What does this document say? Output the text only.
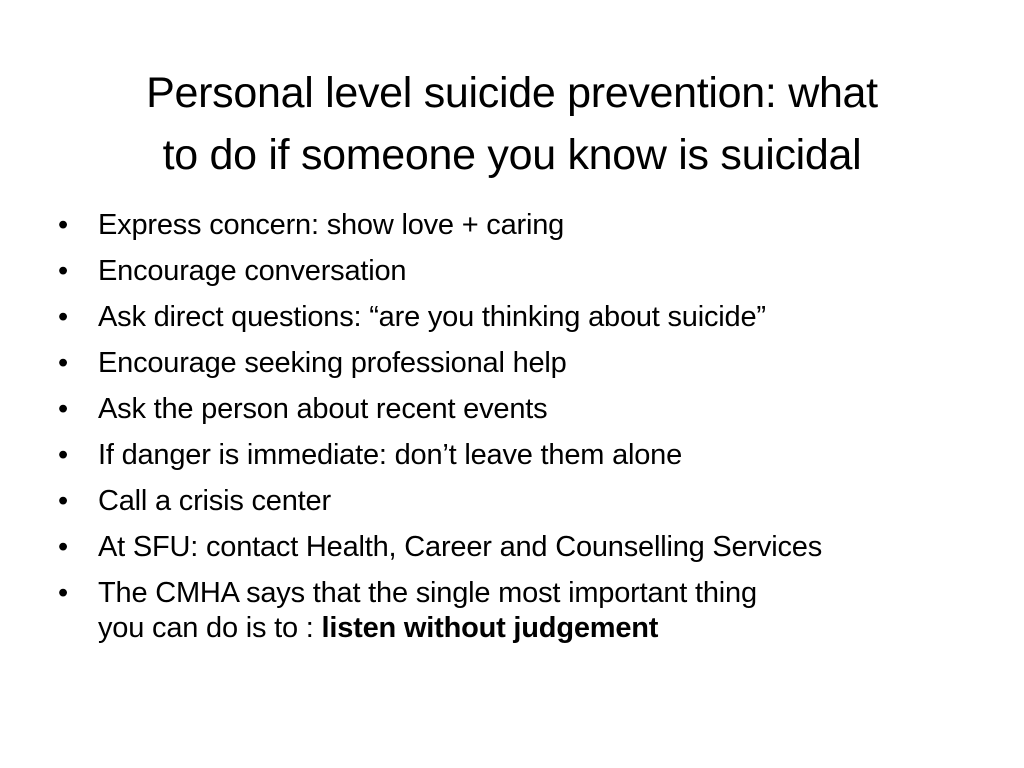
Personal level suicide prevention: what
to do if someone you know is suicidal
•	Express concern: show love + caring
•	Encourage conversation
•	Ask direct questions: “are you thinking about suicide”
•	Encourage seeking professional help
•	Ask the person about recent events
•	If danger is immediate: don’t leave them alone
•	Call a crisis center
•	At SFU: contact Health, Career and Counselling Services
•	The CMHA says that the single most important thing
you can do is to : listen without judgement
